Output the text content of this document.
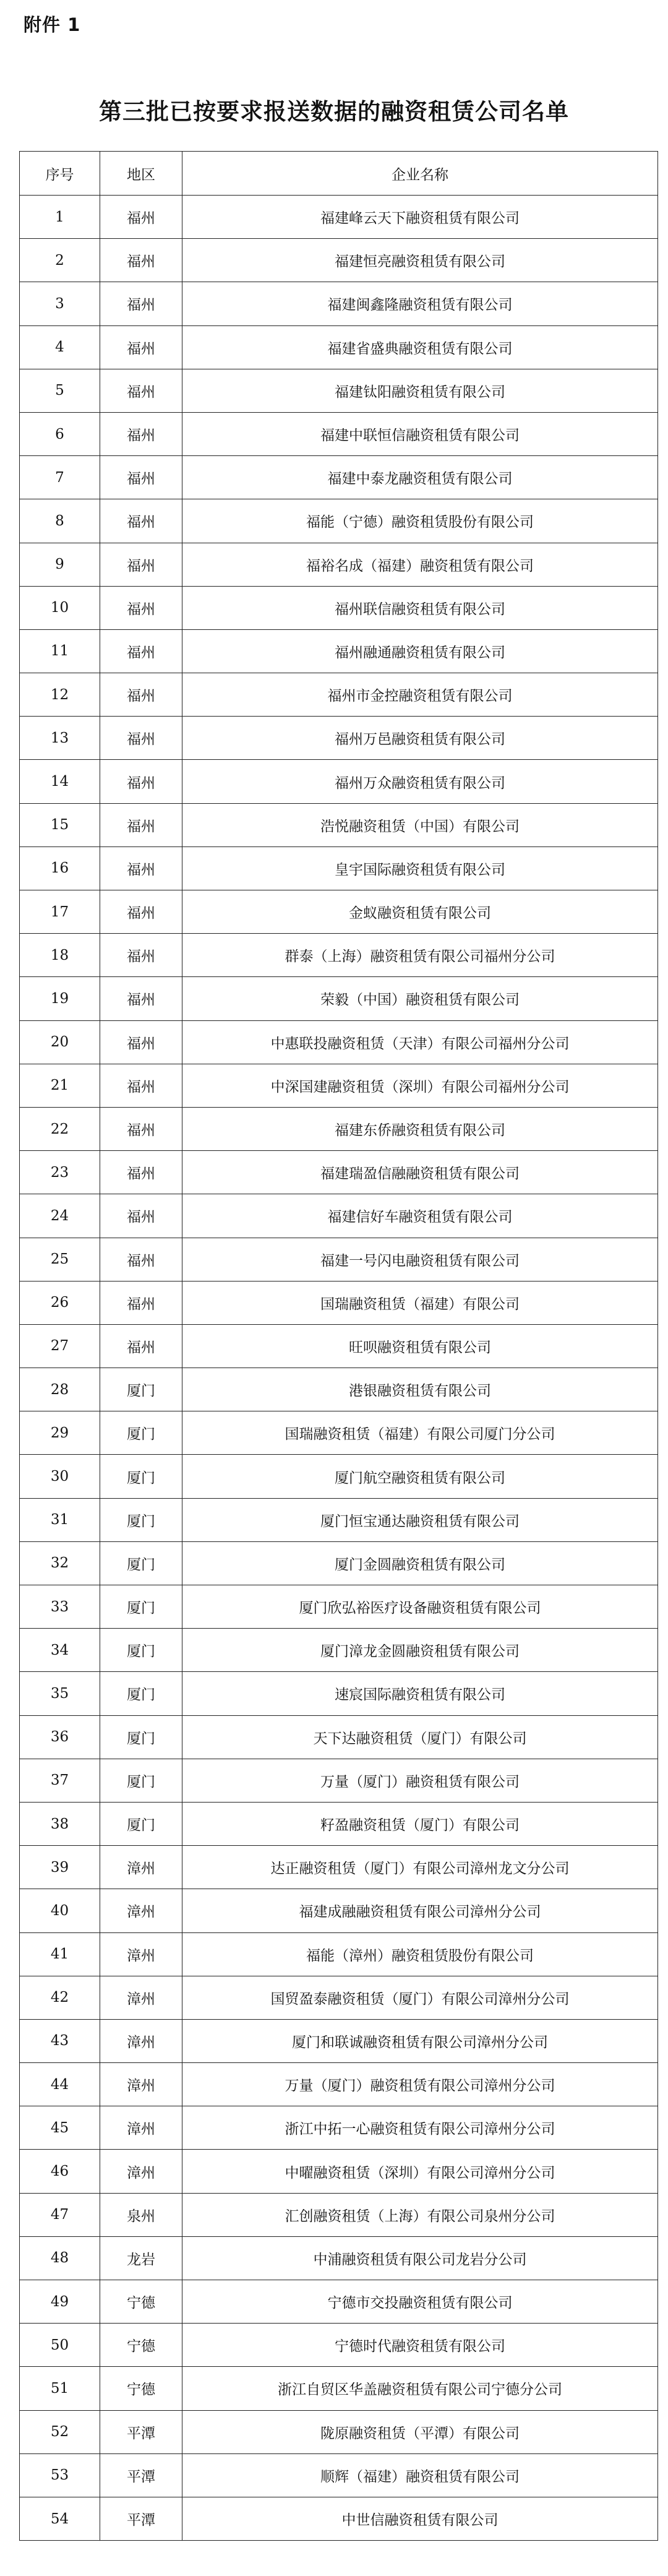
附件 1
第三批已按要求报送数据的融资租赁公司名单
序号	地区	企业名称
1	福州	福建峰云天下融资租赁有限公司
2	福州	福建恒亮融资租赁有限公司
3	福州	福建闽鑫隆融资租赁有限公司
4	福州	福建省盛典融资租赁有限公司
5	福州	福建钛阳融资租赁有限公司
6	福州	福建中联恒信融资租赁有限公司
7	福州	福建中泰龙融资租赁有限公司
8	福州	福能（宁德）融资租赁股份有限公司
9	福州	福裕名成（福建）融资租赁有限公司
10	福州	福州联信融资租赁有限公司
11	福州	福州融通融资租赁有限公司
12	福州	福州市金控融资租赁有限公司
13	福州	福州万邑融资租赁有限公司
14	福州	福州万众融资租赁有限公司
15	福州	浩悦融资租赁（中国）有限公司
16	福州	皇宇国际融资租赁有限公司
17	福州	金蚁融资租赁有限公司
18	福州	群泰（上海）融资租赁有限公司福州分公司
19	福州	荣毅（中国）融资租赁有限公司
20	福州	中惠联投融资租赁（天津）有限公司福州分公司
21	福州	中深国建融资租赁（深圳）有限公司福州分公司
22	福州	福建东侨融资租赁有限公司
23	福州	福建瑞盈信融融资租赁有限公司
24	福州	福建信好车融资租赁有限公司
25	福州	福建一号闪电融资租赁有限公司
26	福州	国瑞融资租赁（福建）有限公司
27	福州	旺呗融资租赁有限公司
28	厦门	港银融资租赁有限公司
29	厦门	国瑞融资租赁（福建）有限公司厦门分公司
30	厦门	厦门航空融资租赁有限公司
31	厦门	厦门恒宝通达融资租赁有限公司
32	厦门	厦门金圆融资租赁有限公司
33	厦门	厦门欣弘裕医疗设备融资租赁有限公司
34	厦门	厦门漳龙金圆融资租赁有限公司
35	厦门	速宸国际融资租赁有限公司
36	厦门	天下达融资租赁（厦门）有限公司
37	厦门	万量（厦门）融资租赁有限公司
38	厦门	籽盈融资租赁（厦门）有限公司
39	漳州	达正融资租赁（厦门）有限公司漳州龙文分公司
40	漳州	福建成融融资租赁有限公司漳州分公司
41	漳州	福能（漳州）融资租赁股份有限公司
42	漳州	国贸盈泰融资租赁（厦门）有限公司漳州分公司
43	漳州	厦门和联诚融资租赁有限公司漳州分公司
44	漳州	万量（厦门）融资租赁有限公司漳州分公司
45	漳州	浙江中拓一心融资租赁有限公司漳州分公司
46	漳州	中曜融资租赁（深圳）有限公司漳州分公司
47	泉州	汇创融资租赁（上海）有限公司泉州分公司
48	龙岩	中浦融资租赁有限公司龙岩分公司
49	宁德	宁德市交投融资租赁有限公司
50	宁德	宁德时代融资租赁有限公司
51	宁德	浙江自贸区华盖融资租赁有限公司宁德分公司
52	平潭	陇原融资租赁（平潭）有限公司
53	平潭	顺辉（福建）融资租赁有限公司
54	平潭	中世信融资租赁有限公司
